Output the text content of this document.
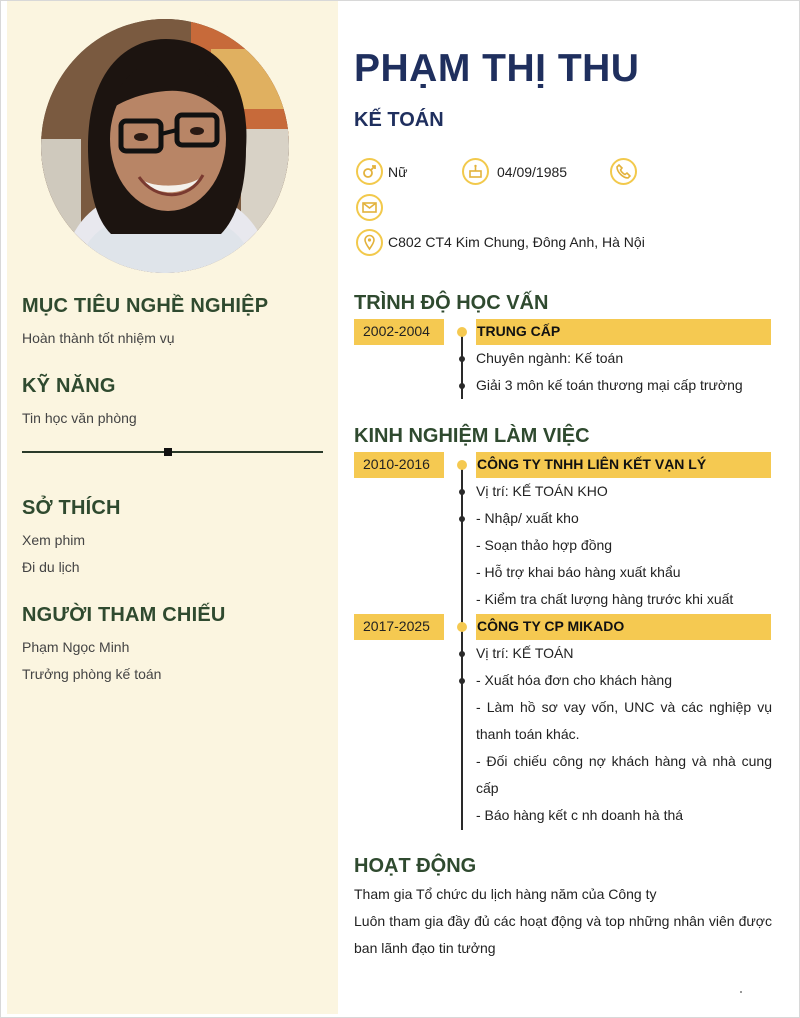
MỤC TIÊU NGHỀ NGHIỆP
Hoàn thành tốt nhiệm vụ
KỸ NĂNG
Tin học văn phòng
SỞ THÍCH
Xem phim
Đi du lịch
NGƯỜI THAM CHIẾU
Phạm Ngọc Minh
Trưởng phòng kế toán
PHẠM THỊ THU
KẾ TOÁN
Nữ	04/09/1985
C802 CT4 Kim Chung, Đông Anh, Hà Nội
TRÌNH ĐỘ HỌC VẤN
2002-2004	TRUNG CẤP
Chuyên ngành: Kế toán
Giải 3 môn kế toán thương mại cấp trường
KINH NGHIỆM LÀM VIỆC
2010-2016	CÔNG TY TNHH LIÊN KẾT VẠN LÝ
Vị trí: KẾ TOÁN KHO
- Nhập/ xuất kho
- Soạn thảo hợp đồng
- Hỗ trợ khai báo hàng xuất khẩu
- Kiểm tra chất lượng hàng trước khi xuất
2017-2025	CÔNG TY CP MIKADO
Vị trí: KẾ TOÁN
- Xuất hóa đơn cho khách hàng
- Làm hồ sơ vay vốn, UNC và các nghiệp vụ thanh toán khác.
- Đối chiếu công nợ khách hàng và nhà cung cấp
- Báo hàng kết c nh doanh hà thá
HOẠT ĐỘNG
Tham gia Tổ chức du lịch hàng năm của Công ty
Luôn tham gia đầy đủ các hoạt động và top những nhân viên được ban lãnh đạo tin tưởng
